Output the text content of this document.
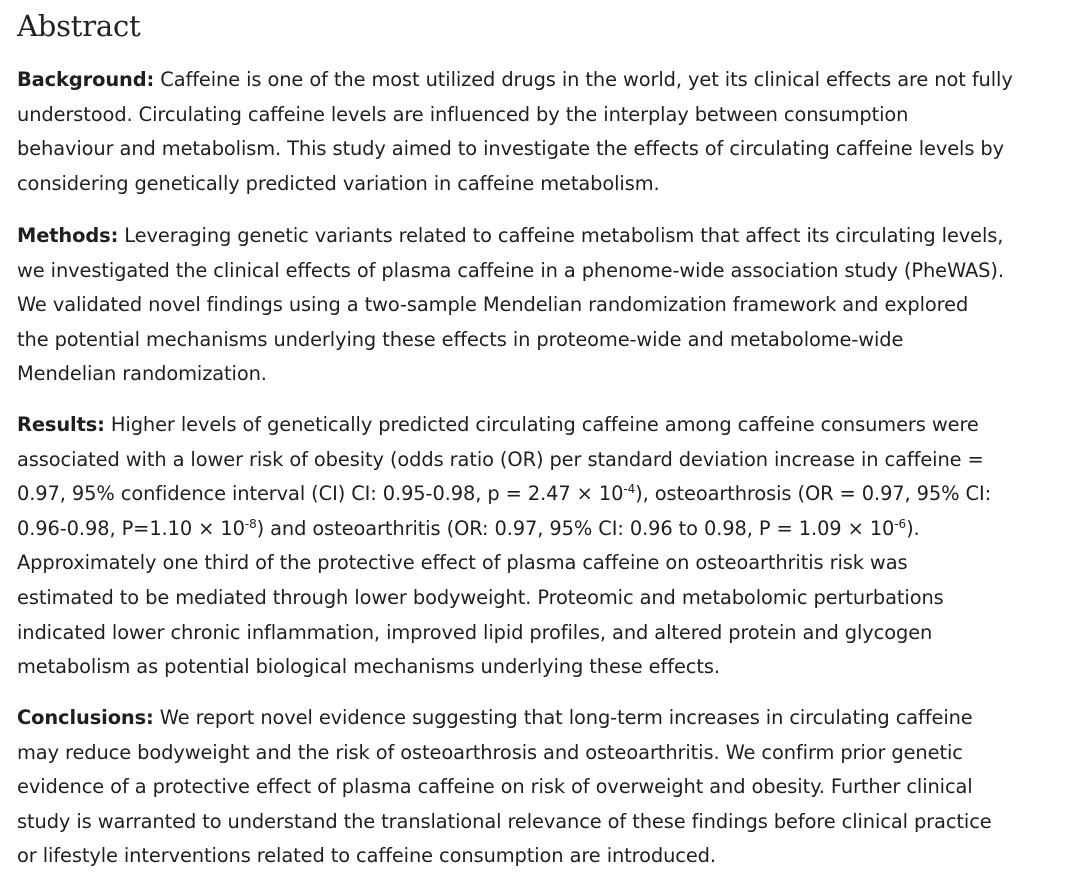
Abstract

Background: Caffeine is one of the most utilized drugs in the world, yet its clinical effects are not fully
understood. Circulating caffeine levels are influenced by the interplay between consumption
behaviour and metabolism. This study aimed to investigate the effects of circulating caffeine levels by
considering genetically predicted variation in caffeine metabolism.

Methods: Leveraging genetic variants related to caffeine metabolism that affect its circulating levels,
we investigated the clinical effects of plasma caffeine in a phenome-wide association study (PheWAS).
We validated novel findings using a two-sample Mendelian randomization framework and explored
the potential mechanisms underlying these effects in proteome-wide and metabolome-wide
Mendelian randomization.

Results: Higher levels of genetically predicted circulating caffeine among caffeine consumers were
associated with a lower risk of obesity (odds ratio (OR) per standard deviation increase in caffeine =
0.97, 95% confidence interval (CI) CI: 0.95-0.98, $p = 2.47 \times 10^{-4}$), osteoarthrosis (OR = 0.97, 95% CI:
0.96-0.98, $P=1.10 \times 10^{-8}$) and osteoarthritis (OR: 0.97, 95% CI: 0.96 to 0.98, $P = 1.09 \times 10^{-6}$).
Approximately one third of the protective effect of plasma caffeine on osteoarthritis risk was
estimated to be mediated through lower bodyweight. Proteomic and metabolomic perturbations
indicated lower chronic inflammation, improved lipid profiles, and altered protein and glycogen
metabolism as potential biological mechanisms underlying these effects.

Conclusions: We report novel evidence suggesting that long-term increases in circulating caffeine
may reduce bodyweight and the risk of osteoarthrosis and osteoarthritis. We confirm prior genetic
evidence of a protective effect of plasma caffeine on risk of overweight and obesity. Further clinical
study is warranted to understand the translational relevance of these findings before clinical practice
or lifestyle interventions related to caffeine consumption are introduced.
